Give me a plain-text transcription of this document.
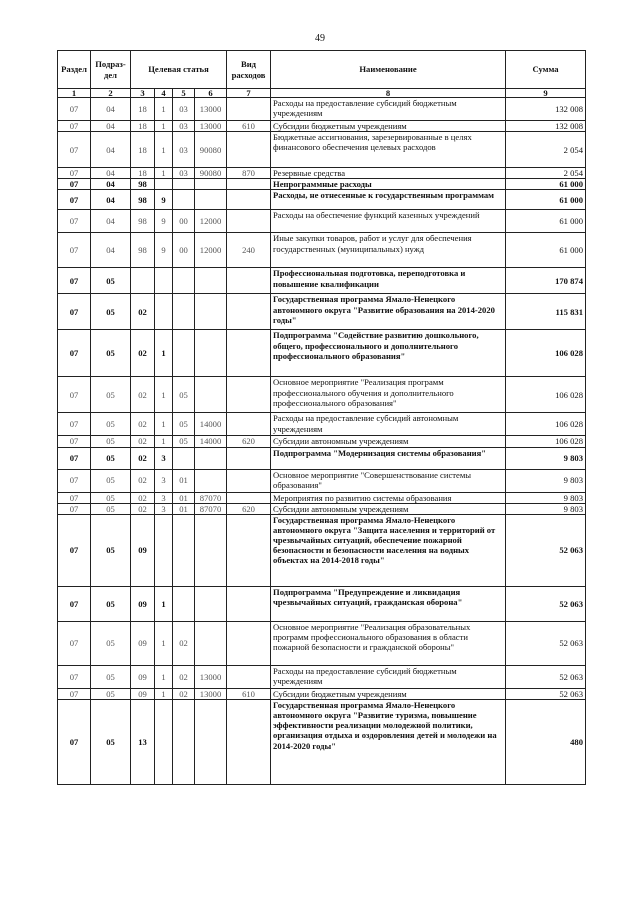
49
Раздел	Подраз-дел	Целевая статья				Вид расходов	Наименование	Сумма
1	2	3	4	5	6	7	8	9
07	04	18	1	03	13000		Расходы на предоставление субсидий бюджетным учреждениям	132 008
07	04	18	1	03	13000	610	Субсидии бюджетным учреждениям	132 008
07	04	18	1	03	90080		Бюджетные ассигнования, зарезервированные в целях финансового обеспечения целевых расходов	2 054
07	04	18	1	03	90080	870	Резервные средства	2 054
07	04	98					Непрограммные расходы	61 000
07	04	98	9				Расходы, не отнесенные к государственным программам	61 000
07	04	98	9	00	12000		Расходы на обеспечение функций казенных учреждений	61 000
07	04	98	9	00	12000	240	Иные закупки товаров, работ и услуг для обеспечения государственных (муниципальных) нужд	61 000
07	05						Профессиональная подготовка, переподготовка и повышение квалификации	170 874
07	05	02					Государственная программа Ямало-Ненецкого автономного округа "Развитие образования на 2014-2020 годы"	115 831
07	05	02	1				Подпрограмма "Содействие развитию дошкольного, общего, профессионального и дополнительного профессионального образования"	106 028
07	05	02	1	05			Основное мероприятие "Реализация программ профессионального обучения и дополнительного профессионального образования"	106 028
07	05	02	1	05	14000		Расходы на предоставление субсидий автономным учреждениям	106 028
07	05	02	1	05	14000	620	Субсидии автономным учреждениям	106 028
07	05	02	3				Подпрограмма "Модернизация системы образования"	9 803
07	05	02	3	01			Основное мероприятие "Совершенствование системы образования"	9 803
07	05	02	3	01	87070		Мероприятия по развитию системы образования	9 803
07	05	02	3	01	87070	620	Субсидии автономным учреждениям	9 803
07	05	09					Государственная программа Ямало-Ненецкого автономного округа "Защита населения и территорий от чрезвычайных ситуаций, обеспечение пожарной безопасности и безопасности населения на водных объектах на 2014-2018 годы"	52 063
07	05	09	1				Подпрограмма "Предупреждение и ликвидация чрезвычайных ситуаций, гражданская оборона"	52 063
07	05	09	1	02			Основное мероприятие "Реализация образовательных программ профессионального образования в области пожарной безопасности и гражданской обороны"	52 063
07	05	09	1	02	13000		Расходы на предоставление субсидий бюджетным учреждениям	52 063
07	05	09	1	02	13000	610	Субсидии бюджетным учреждениям	52 063
07	05	13					Государственная программа Ямало-Ненецкого автономного округа "Развитие туризма, повышение эффективности реализации молодежной политики, организация отдыха и оздоровления детей и молодежи на 2014-2020 годы"	480
